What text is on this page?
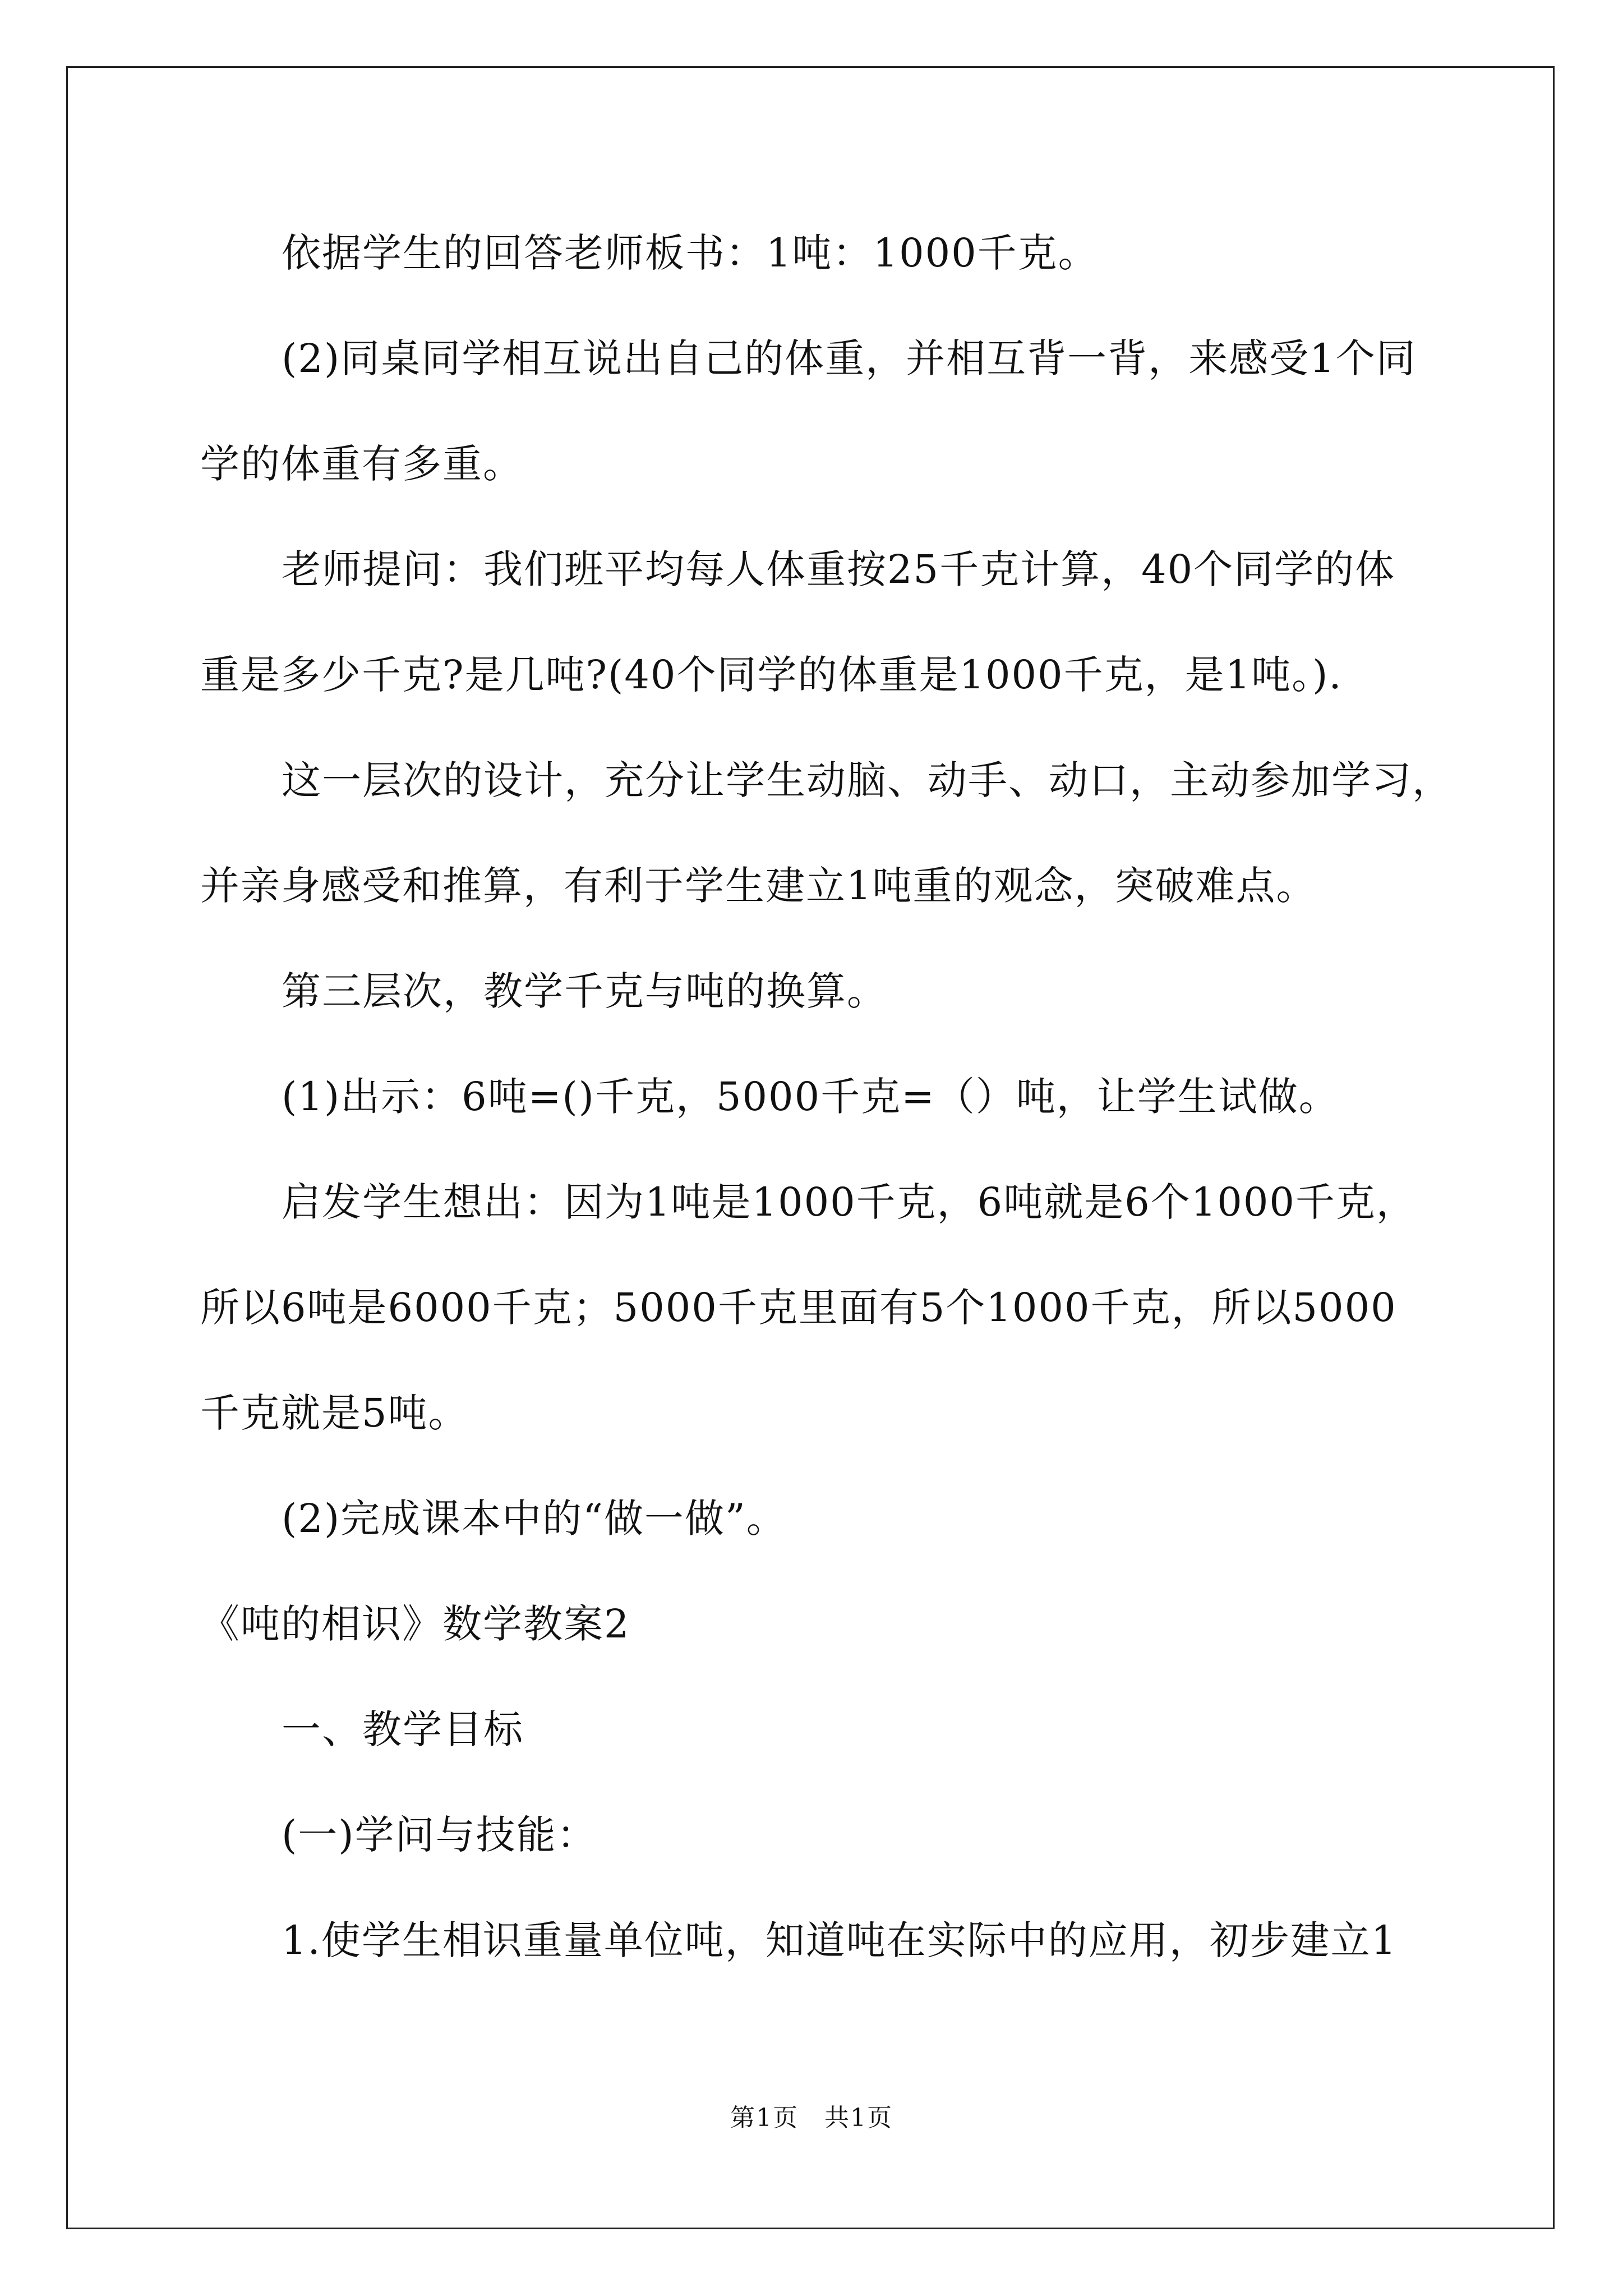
依据学生的回答老师板书：1吨：1000千克。
(2)同桌同学相互说出自己的体重，并相互背一背，来感受1个同
学的体重有多重。
老师提问：我们班平均每人体重按25千克计算，40个同学的体
重是多少千克?是几吨?(40个同学的体重是1000千克，是1吨。).
这一层次的设计，充分让学生动脑、动手、动口，主动参加学习，
并亲身感受和推算，有利于学生建立1吨重的观念，突破难点。
第三层次，教学千克与吨的换算。
(1)出示：6吨=()千克，5000千克=（）吨，让学生试做。
启发学生想出：因为1吨是1000千克，6吨就是6个1000千克，
所以6吨是6000千克；5000千克里面有5个1000千克，所以5000
千克就是5吨。
(2)完成课本中的“做一做”。
《吨的相识》数学教案2
一、教学目标
(一)学问与技能：
1.使学生相识重量单位吨，知道吨在实际中的应用，初步建立1
第1页　共1页
